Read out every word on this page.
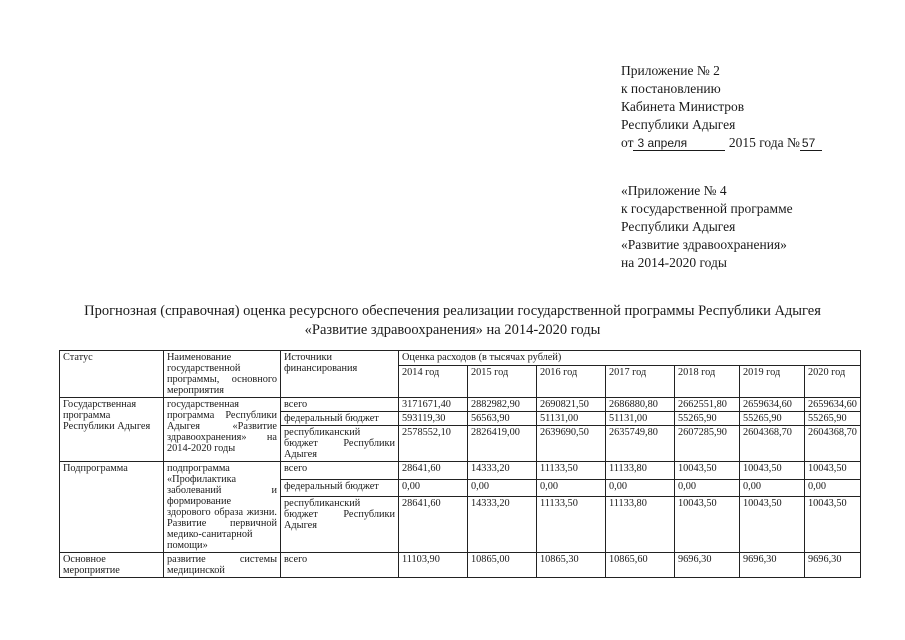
Приложение № 2
к постановлению
Кабинета Министров
Республики Адыгея
от 3 апреля	2015 года № 57
«Приложение № 4
к государственной программе
Республики Адыгея
«Развитие здравоохранения»
на 2014-2020 годы
Прогнозная (справочная) оценка ресурсного обеспечения реализации государственной программы Республики Адыгея
«Развитие здравоохранения» на 2014-2020 годы
Статус	Наименование государственной программы, основного мероприятия	Источники финансирования	Оценка расходов (в тысячах рублей)						
			2014 год	2015 год	2016 год	2017 год	2018 год	2019 год	2020 год
Государственная программа Республики Адыгея	государственная программа Республики Адыгея «Развитие здравоохранения» на 2014-2020 годы	всего	3171671,40	2882982,90	2690821,50	2686880,80	2662551,80	2659634,60	2659634,60
		федеральный бюджет	593119,30	56563,90	51131,00	51131,00	55265,90	55265,90	55265,90
		республиканский бюджет Республики Адыгея	2578552,10	2826419,00	2639690,50	2635749,80	2607285,90	2604368,70	2604368,70
Подпрограмма	подпрограмма «Профилактика заболеваний и формирование здорового образа жизни. Развитие первичной медико-санитарной помощи»	всего	28641,60	14333,20	11133,50	11133,80	10043,50	10043,50	10043,50
		федеральный бюджет	0,00	0,00	0,00	0,00	0,00	0,00	0,00
		республиканский бюджет Республики Адыгея	28641,60	14333,20	11133,50	11133,80	10043,50	10043,50	10043,50
Основное мероприятие	развитие системы медицинской	всего	11103,90	10865,00	10865,30	10865,60	9696,30	9696,30	9696,30
